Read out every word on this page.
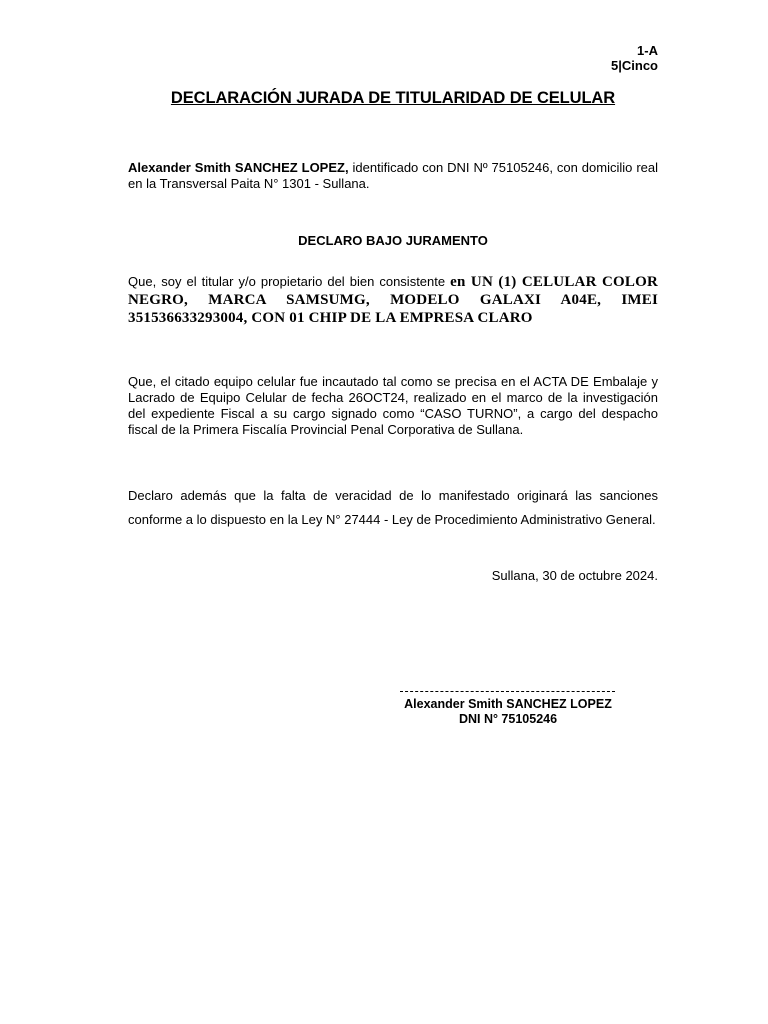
1-A
5|Cinco
DECLARACIÓN JURADA DE TITULARIDAD DE CELULAR
Alexander Smith SANCHEZ LOPEZ, identificado con DNI Nº 75105246, con domicilio real en la Transversal Paita N° 1301 - Sullana.
DECLARO BAJO JURAMENTO
Que, soy el titular y/o propietario del bien consistente en UN (1) CELULAR COLOR NEGRO, MARCA SAMSUMG, MODELO GALAXI A04E, IMEI 351536633293004, CON 01 CHIP DE LA EMPRESA CLARO
Que, el citado equipo celular fue incautado tal como se precisa en el ACTA DE Embalaje y Lacrado de Equipo Celular de fecha 26OCT24, realizado en el marco de la investigación del expediente Fiscal a su cargo signado como “CASO TURNO”, a cargo del despacho fiscal de la Primera Fiscalía Provincial Penal Corporativa de Sullana.
Declaro además que la falta de veracidad de lo manifestado originará las sanciones conforme a lo dispuesto en la Ley N° 27444 - Ley de Procedimiento Administrativo General.
Sullana, 30 de octubre 2024.
Alexander Smith SANCHEZ LOPEZ
DNI N° 75105246
